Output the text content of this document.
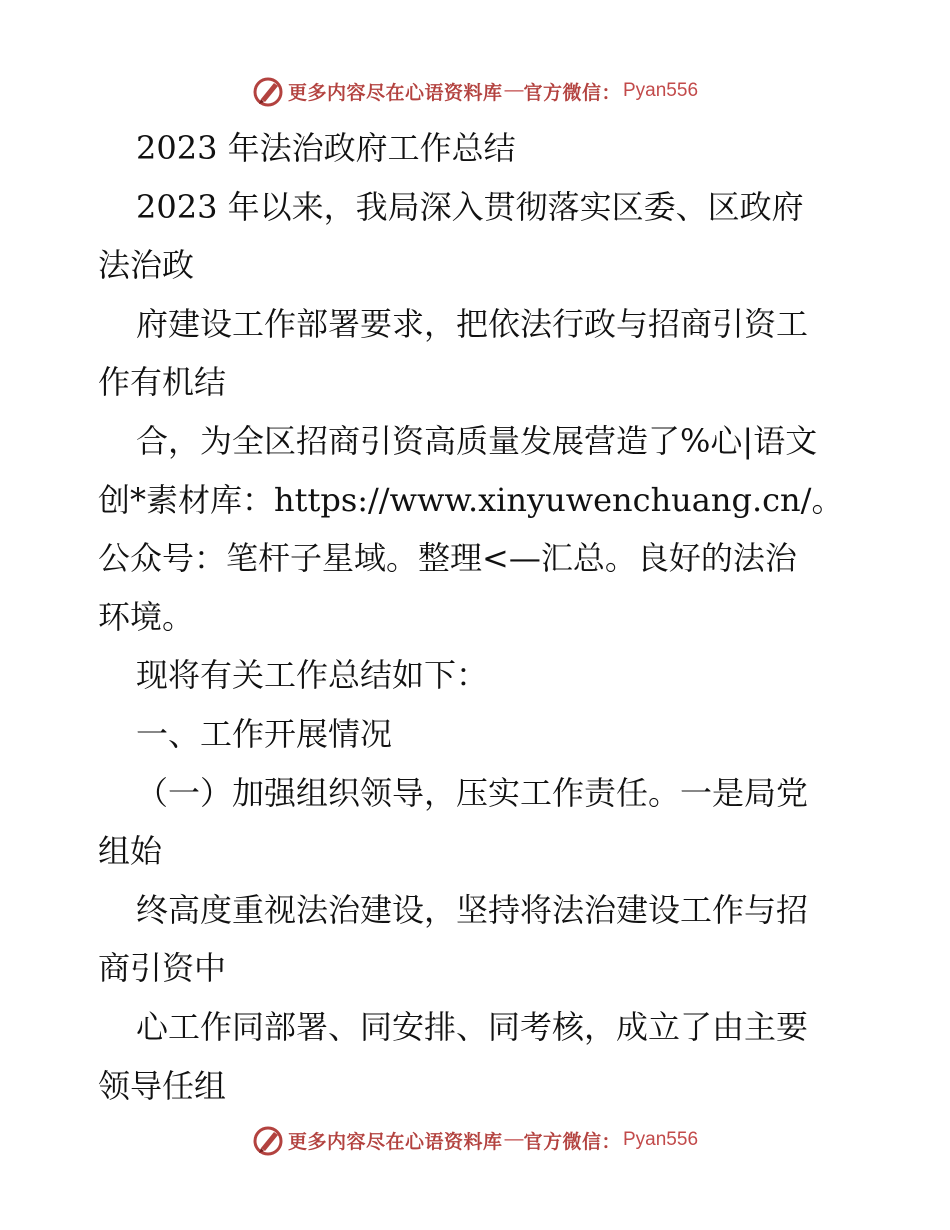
更多内容尽在心语资料库 — 官方微信： Pyan556
2023 年法治政府工作总结
2023 年以来，我局深入贯彻落实区委、区政府
法治政
府建设工作部署要求，把依法行政与招商引资工
作有机结
合，为全区招商引资高质量发展营造了%心|语文
创*素材库：https://www.xinyuwenchuang.cn/。
公众号：笔杆子星域。整理<—汇总。良好的法治
环境。
现将有关工作总结如下：
一、工作开展情况
（一）加强组织领导，压实工作责任。一是局党
组始
终高度重视法治建设，坚持将法治建设工作与招
商引资中
心工作同部署、同安排、同考核，成立了由主要
领导任组
更多内容尽在心语资料库 — 官方微信： Pyan556
